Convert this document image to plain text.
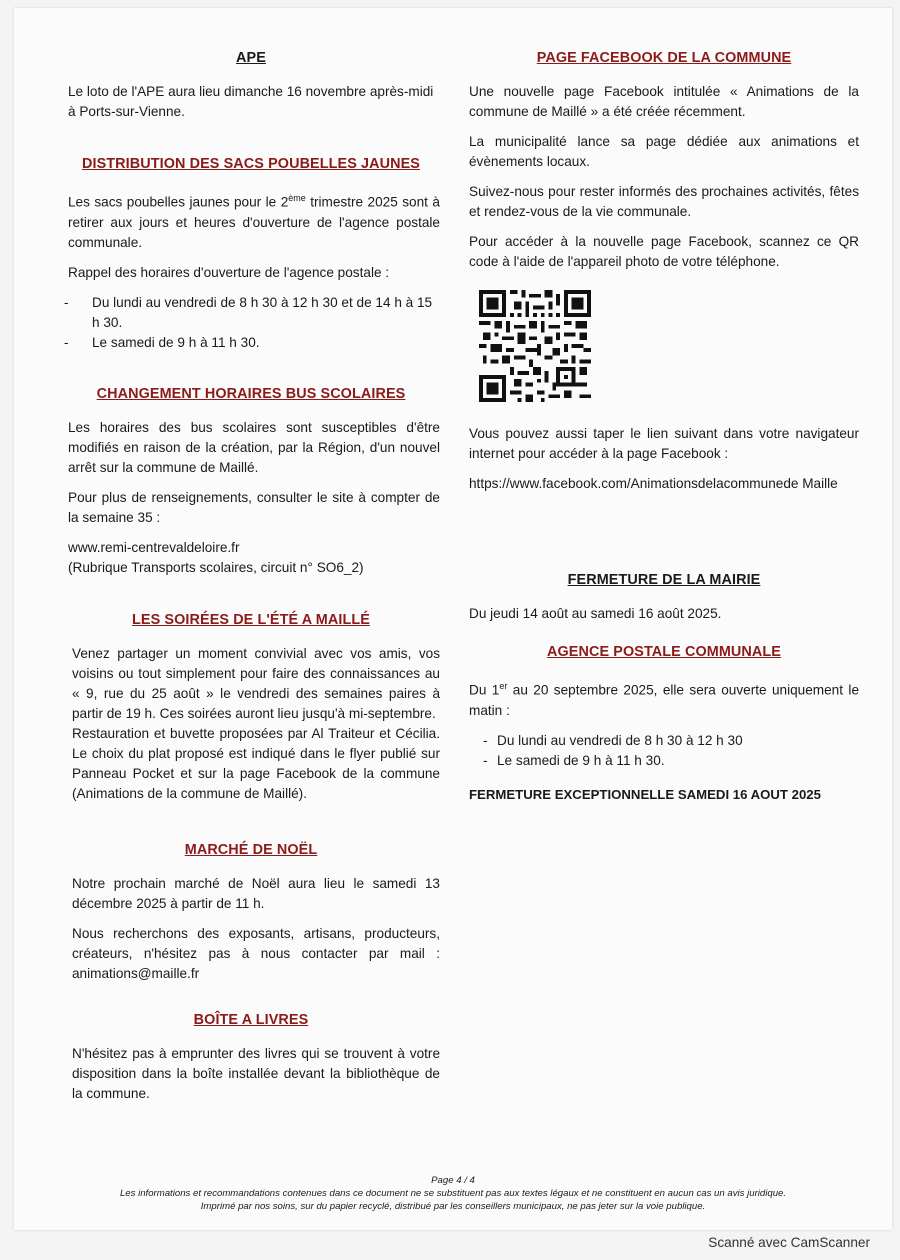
APE

Le loto de l'APE aura lieu dimanche 16 novembre après-midi à Ports-sur-Vienne.

DISTRIBUTION DES SACS POUBELLES JAUNES

Les sacs poubelles jaunes pour le 2ème trimestre 2025 sont à retirer aux jours et heures d'ouverture de l'agence postale communale.

Rappel des horaires d'ouverture de l'agence postale :

- Du lundi au vendredi de 8 h 30 à 12 h 30 et de 14 h à 15 h 30.
- Le samedi de 9 h à 11 h 30.
CHANGEMENT HORAIRES BUS SCOLAIRES

Les horaires des bus scolaires sont susceptibles d'être modifiés en raison de la création, par la Région, d'un nouvel arrêt sur la commune de Maillé.

Pour plus de renseignements, consulter le site à compter de la semaine 35 :

www.remi-centrevaldeloire.fr
(Rubrique Transports scolaires, circuit n° SO6_2)

LES SOIRÉES DE L'ÉTÉ A MAILLÉ

Venez partager un moment convivial avec vos amis, vos voisins ou tout simplement pour faire des connaissances au « 9, rue du 25 août » le vendredi des semaines paires à partir de 19 h. Ces soirées auront lieu jusqu'à mi-septembre.

Restauration et buvette proposées par Al Traiteur et Cécilia. Le choix du plat proposé est indiqué dans le flyer publié sur Panneau Pocket et sur la page Facebook de la commune (Animations de la commune de Maillé).

MARCHÉ DE NOËL

Notre prochain marché de Noël aura lieu le samedi 13 décembre 2025 à partir de 11 h.

Nous recherchons des exposants, artisans, producteurs, créateurs, n'hésitez pas à nous contacter par mail : animations@maille.fr

BOÎTE A LIVRES

N'hésitez pas à emprunter des livres qui se trouvent à votre disposition dans la boîte installée devant la bibliothèque de la commune.

PAGE FACEBOOK DE LA COMMUNE

Une nouvelle page Facebook intitulée « Animations de la commune de Maillé » a été créée récemment.

La municipalité lance sa page dédiée aux animations et évènements locaux.

Suivez-nous pour rester informés des prochaines activités, fêtes et rendez-vous de la vie communale.

Pour accéder à la nouvelle page Facebook, scannez ce QR code à l'aide de l'appareil photo de votre téléphone.

Vous pouvez aussi taper le lien suivant dans votre navigateur internet pour accéder à la page Facebook :

https://www.facebook.com/Animationsdelacommunede Maille

FERMETURE DE LA MAIRIE

Du jeudi 14 août au samedi 16 août 2025.

AGENCE POSTALE COMMUNALE

Du 1er au 20 septembre 2025, elle sera ouverte uniquement le matin :

- Du lundi au vendredi de 8 h 30 à 12 h 30
- Le samedi de 9 h à 11 h 30.

FERMETURE EXCEPTIONNELLE SAMEDI 16 AOUT 2025

Page 4 / 4
Les informations et recommandations contenues dans ce document ne se substituent pas aux textes légaux et ne constituent en aucun cas un avis juridique.
Imprimé par nos soins, sur du papier recyclé, distribué par les conseillers municipaux, ne pas jeter sur la voie publique.
Scanné avec CamScanner
